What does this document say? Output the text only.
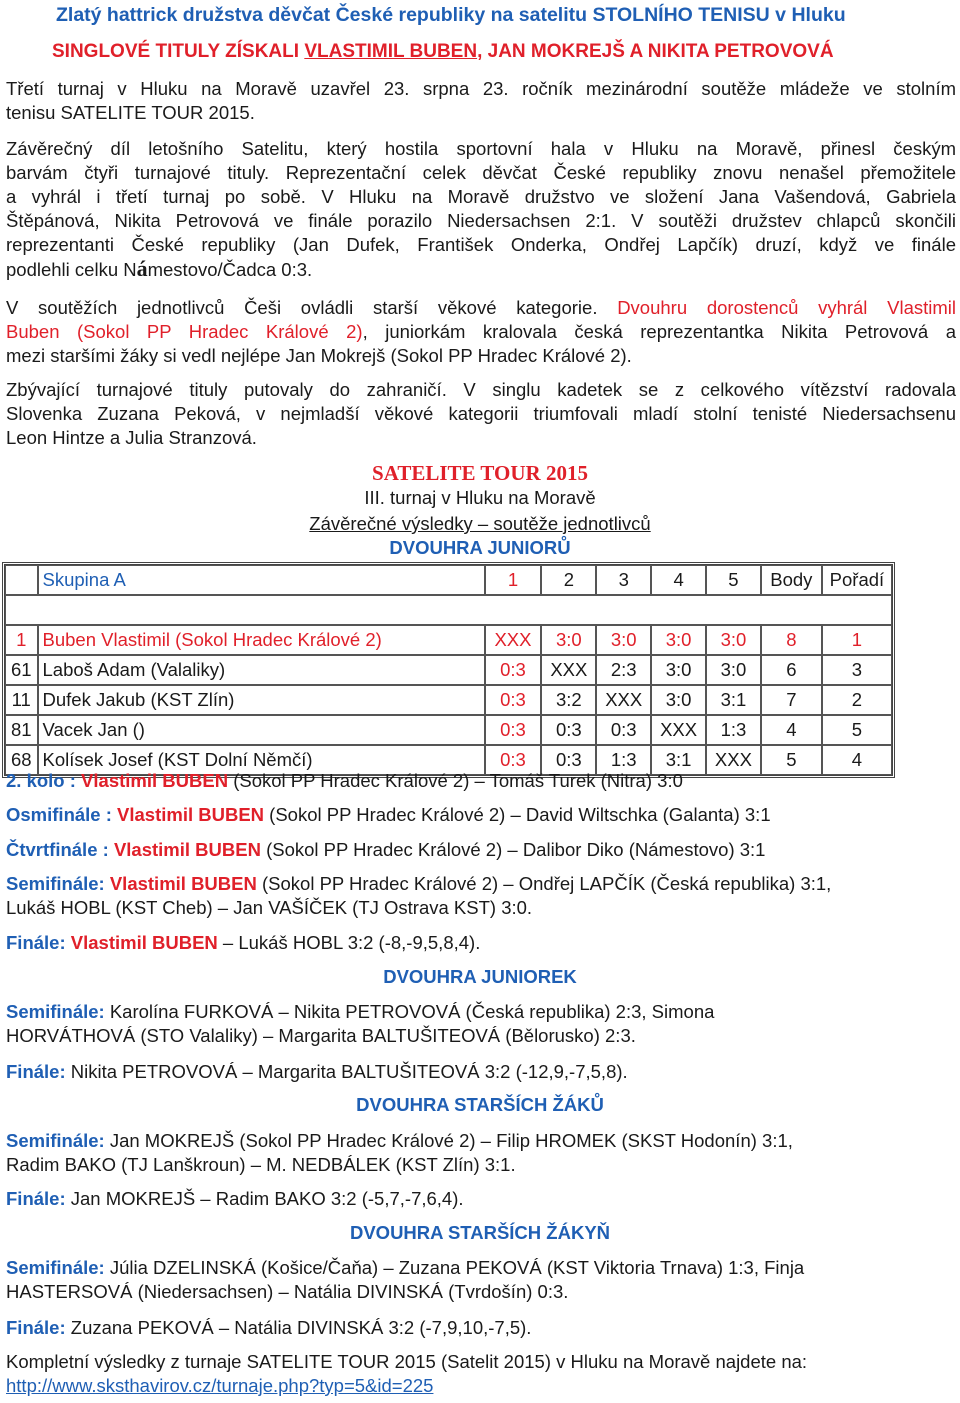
Zlatý hattrick družstva děvčat České republiky na satelitu STOLNÍHO TENISU v Hluku
SINGLOVÉ TITULY ZÍSKALI VLASTIMIL BUBEN, JAN MOKREJŠ A NIKITA PETROVOVÁ
Třetí turnaj v Hluku na Moravě uzavřel 23. srpna 23. ročník mezinárodní soutěže mládeže ve stolním
tenisu SATELITE TOUR 2015.
Závěrečný díl letošního Satelitu, který hostila sportovní hala v Hluku na Moravě, přinesl českým
barvám čtyři turnajové tituly. Reprezentační celek děvčat České republiky znovu nenašel přemožitele
a vyhrál i třetí turnaj po sobě. V Hluku na Moravě družstvo ve složení Jana Vašendová, Gabriela
Štěpánová, Nikita Petrovová ve finále porazilo Niedersachsen 2:1. V soutěži družstev chlapců skončili
reprezentanti České republiky (Jan Dufek, František Onderka, Ondřej Lapčík) druzí, když ve finále
podlehli celku Námestovo/Čadca 0:3.
V soutěžích jednotlivců Češi ovládli starší věkové kategorie. Dvouhru dorostenců vyhrál Vlastimil
Buben (Sokol PP Hradec Králové 2), juniorkám kralovala česká reprezentantka Nikita Petrovová a
mezi staršími žáky si vedl nejlépe Jan Mokrejš (Sokol PP Hradec Králové 2).
Zbývající turnajové tituly putovaly do zahraničí. V singlu kadetek se z celkového vítězství radovala
Slovenka Zuzana Peková, v nejmladší věkové kategorii triumfovali mladí stolní tenisté Niedersachsenu
Leon Hintze a Julia Stranzová.
SATELITE TOUR 2015
III. turnaj v Hluku na Moravě
Závěrečné výsledky – soutěže jednotlivců
DVOUHRA JUNIORŮ
	Skupina A	1	2	3	4	5	Body	Pořadí

1	Buben Vlastimil (Sokol Hradec Králové 2)	XXX	3:0	3:0	3:0	3:0	8	1
61	Laboš Adam (Valaliky)	0:3	XXX	2:3	3:0	3:0	6	3
11	Dufek Jakub (KST Zlín)	0:3	3:2	XXX	3:0	3:1	7	2
81	Vacek Jan ()	0:3	0:3	0:3	XXX	1:3	4	5
68	Kolísek Josef (KST Dolní Němčí)	0:3	0:3	1:3	3:1	XXX	5	4
2. kolo : Vlastimil BUBEN (Sokol PP Hradec Králové 2) – Tomáš Turek (Nitra) 3:0
Osmifinále : Vlastimil BUBEN (Sokol PP Hradec Králové 2) – David Wiltschka (Galanta) 3:1
Čtvrtfinále : Vlastimil BUBEN (Sokol PP Hradec Králové 2) – Dalibor Diko (Námestovo) 3:1
Semifinále: Vlastimil BUBEN (Sokol PP Hradec Králové 2) – Ondřej LAPČÍK (Česká republika) 3:1,
Lukáš HOBL (KST Cheb) – Jan VAŠÍČEK (TJ Ostrava KST) 3:0.
Finále: Vlastimil BUBEN – Lukáš HOBL 3:2 (-8,-9,5,8,4).
DVOUHRA JUNIOREK
Semifinále: Karolína FURKOVÁ – Nikita PETROVOVÁ (Česká republika) 2:3, Simona
HORVÁTHOVÁ (STO Valaliky) – Margarita BALTUŠITEOVÁ (Bělorusko) 2:3.
Finále: Nikita PETROVOVÁ – Margarita BALTUŠITEOVÁ 3:2 (-12,9,-7,5,8).
DVOUHRA STARŠÍCH ŽÁKŮ
Semifinále: Jan MOKREJŠ (Sokol PP Hradec Králové 2) – Filip HROMEK (SKST Hodonín) 3:1,
Radim BAKO (TJ Lanškroun) – M. NEDBÁLEK (KST Zlín) 3:1.
Finále: Jan MOKREJŠ – Radim BAKO 3:2 (-5,7,-7,6,4).
DVOUHRA STARŠÍCH ŽÁKYŇ
Semifinále: Júlia DZELINSKÁ (Košice/Čaňa) – Zuzana PEKOVÁ (KST Viktoria Trnava) 1:3, Finja
HASTERSOVÁ (Niedersachsen) – Natália DIVINSKÁ (Tvrdošín) 0:3.
Finále: Zuzana PEKOVÁ – Natália DIVINSKÁ 3:2 (-7,9,10,-7,5).
Kompletní výsledky z turnaje SATELITE TOUR 2015 (Satelit 2015) v Hluku na Moravě najdete na:
http://www.sksthavirov.cz/turnaje.php?typ=5&id=225
